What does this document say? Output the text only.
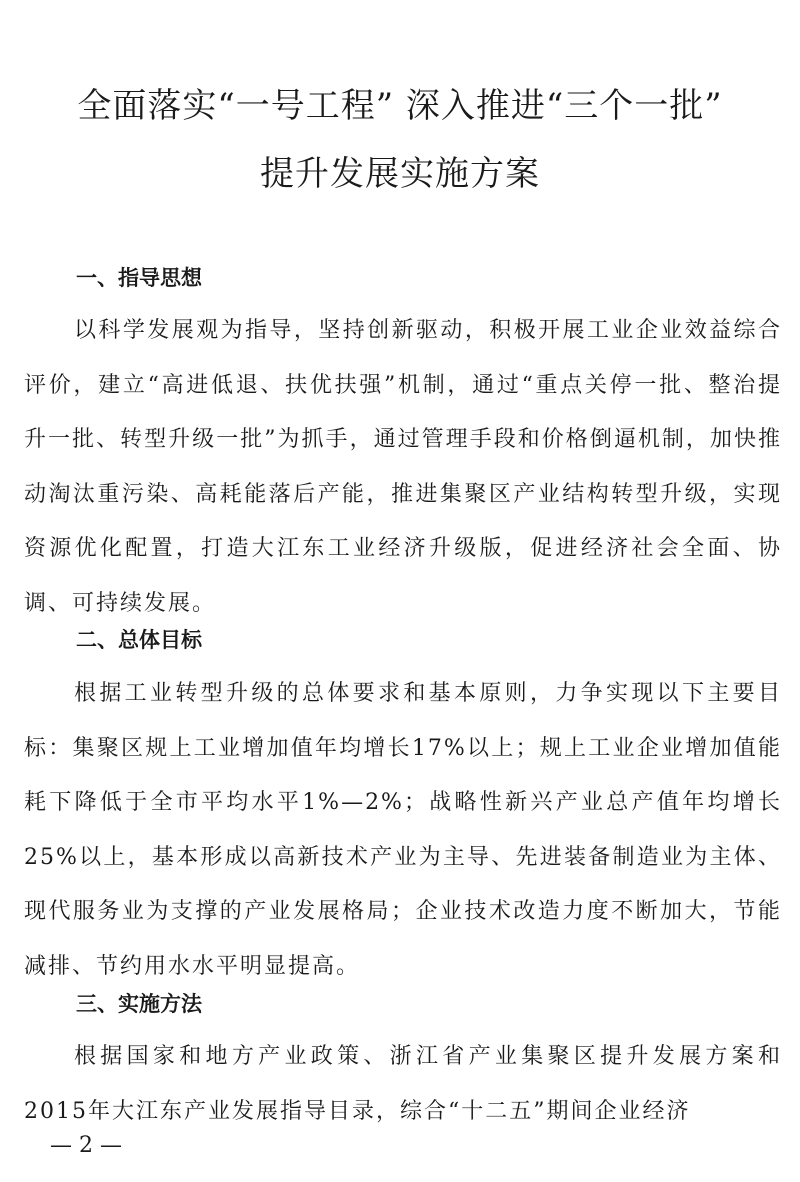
全面落实“一号工程” 深入推进“三个一批”
提升发展实施方案
一、指导思想

以科学发展观为指导，坚持创新驱动，积极开展工业企业效益综合评价，建立“高进低退、扶优扶强”机制，通过“重点关停一批、整治提升一批、转型升级一批”为抓手，通过管理手段和价格倒逼机制，加快推动淘汰重污染、高耗能落后产能，推进集聚区产业结构转型升级，实现资源优化配置，打造大江东工业经济升级版，促进经济社会全面、协调、可持续发展。

二、总体目标

根据工业转型升级的总体要求和基本原则，力争实现以下主要目标：集聚区规上工业增加值年均增长17%以上；规上工业企业增加值能耗下降低于全市平均水平1%—2%；战略性新兴产业总产值年均增长25%以上，基本形成以高新技术产业为主导、先进装备制造业为主体、现代服务业为支撑的产业发展格局；企业技术改造力度不断加大，节能减排、节约用水水平明显提高。

三、实施方法

根据国家和地方产业政策、浙江省产业集聚区提升发展方案和2015年大江东产业发展指导目录，综合“十二五”期间企业经济

— 2 —
